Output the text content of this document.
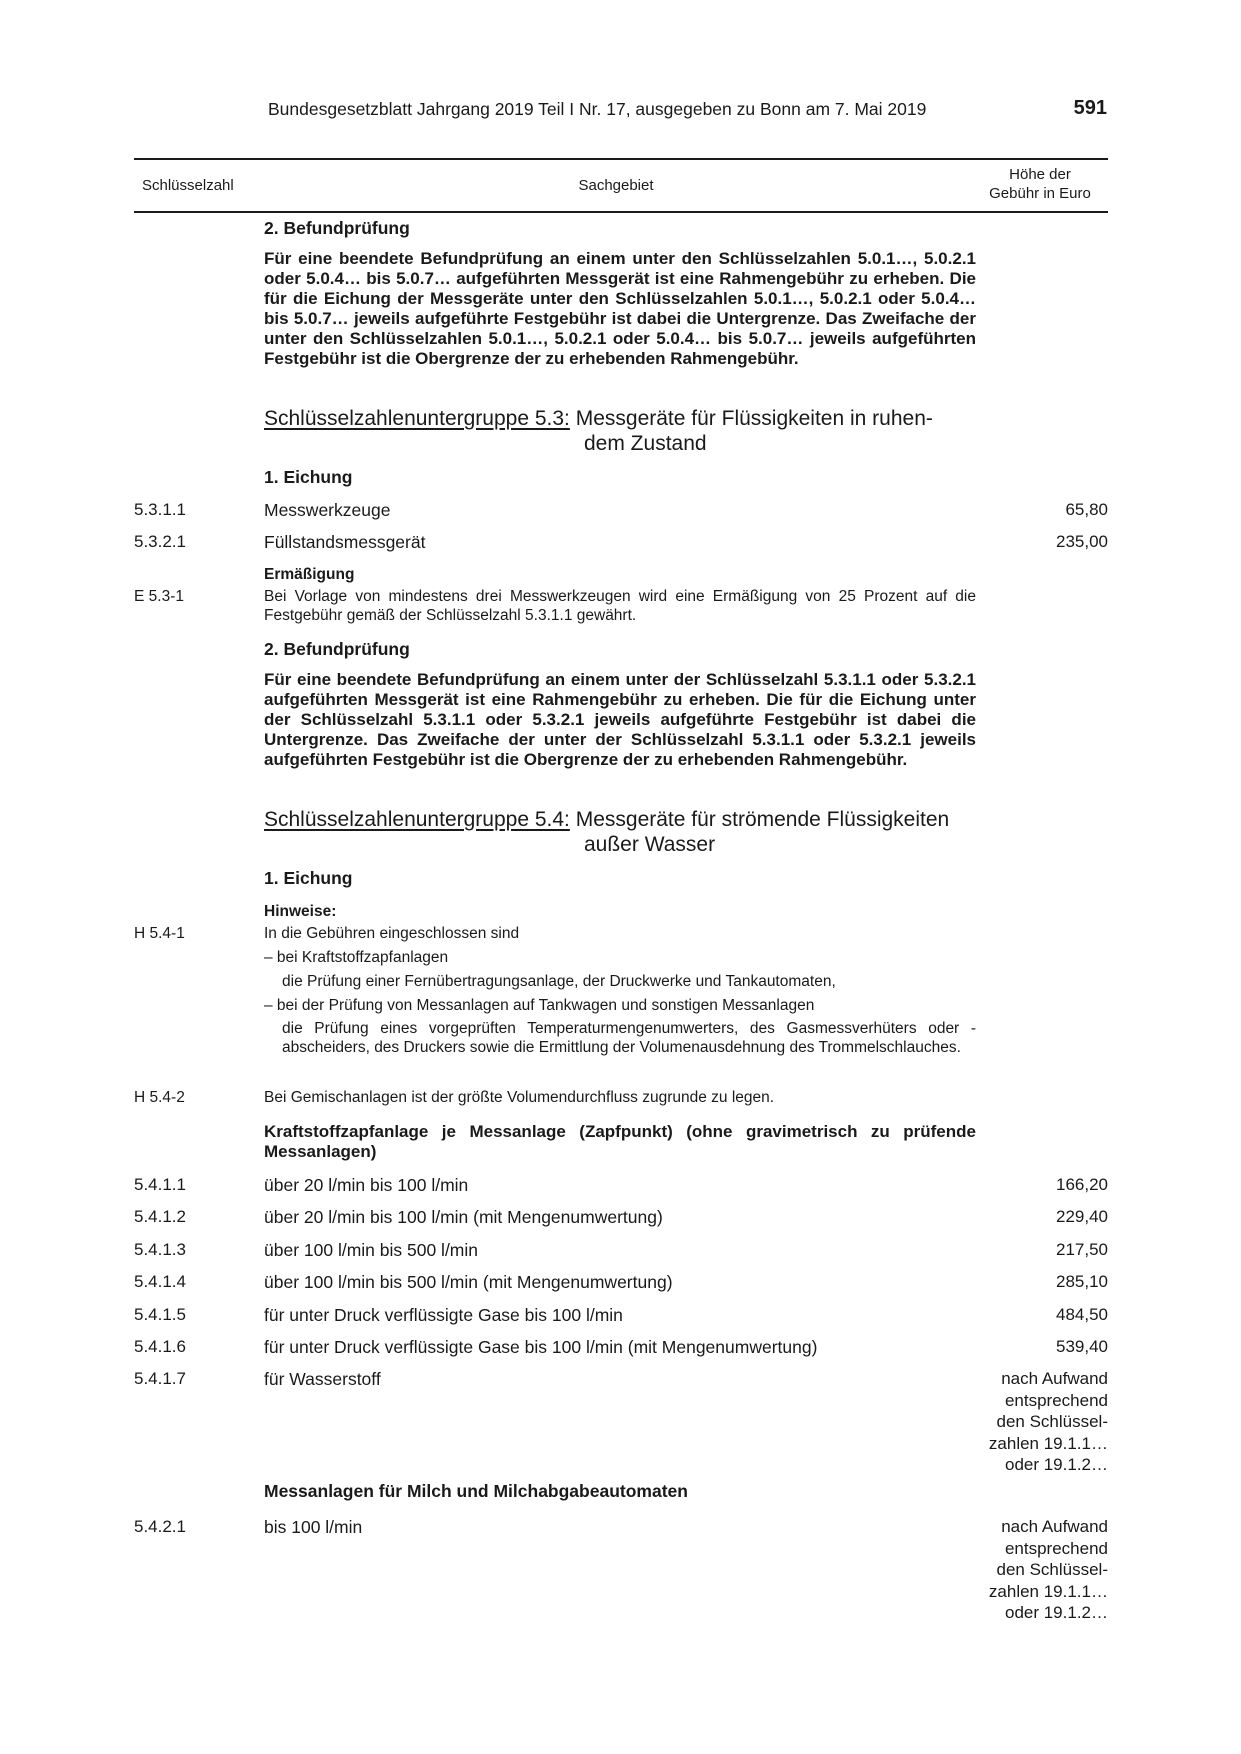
Bundesgesetzblatt Jahrgang 2019 Teil I Nr. 17, ausgegeben zu Bonn am 7. Mai 2019	591
Schlüsselzahl	Sachgebiet
Höhe der
Gebühr in Euro
2. Befundprüfung
Für eine beendete Befundprüfung an einem unter den Schlüsselzahlen 5.0.1…, 5.0.2.1 oder 5.0.4… bis 5.0.7… aufgeführten Messgerät ist eine Rahmengebühr zu erheben. Die für die Eichung der Messgeräte unter den Schlüsselzahlen 5.0.1…, 5.0.2.1 oder 5.0.4… bis 5.0.7… jeweils aufgeführte Festgebühr ist dabei die Untergrenze. Das Zweifache der unter den Schlüsselzahlen 5.0.1…, 5.0.2.1 oder 5.0.4… bis 5.0.7… jeweils aufgeführten Festgebühr ist die Obergrenze der zu erhebenden Rahmengebühr.
Schlüsselzahlenuntergruppe 5.3: Messgeräte für Flüssigkeiten in ruhen-
dem Zustand
1. Eichung
5.3.1.1	Messwerkzeuge	65,80
5.3.2.1	Füllstandsmessgerät	235,00
Ermäßigung
E 5.3-1	Bei Vorlage von mindestens drei Messwerkzeugen wird eine Ermäßigung von 25 Prozent auf die Festgebühr gemäß der Schlüsselzahl 5.3.1.1 gewährt.
2. Befundprüfung
Für eine beendete Befundprüfung an einem unter der Schlüsselzahl 5.3.1.1 oder 5.3.2.1 aufgeführten Messgerät ist eine Rahmengebühr zu erheben. Die für die Eichung unter der Schlüsselzahl 5.3.1.1 oder 5.3.2.1 jeweils aufgeführte Festgebühr ist dabei die Untergrenze. Das Zweifache der unter der Schlüsselzahl 5.3.1.1 oder 5.3.2.1 jeweils aufgeführten Festgebühr ist die Obergrenze der zu erhebenden Rahmengebühr.
Schlüsselzahlenuntergruppe 5.4: Messgeräte für strömende Flüssigkeiten
außer Wasser
1. Eichung
Hinweise:
H 5.4-1	In die Gebühren eingeschlossen sind
– bei Kraftstoffzapfanlagen
die Prüfung einer Fernübertragungsanlage, der Druckwerke und Tankautomaten,
– bei der Prüfung von Messanlagen auf Tankwagen und sonstigen Messanlagen
die Prüfung eines vorgeprüften Temperaturmengenumwerters, des Gasmessverhüters oder -abscheiders, des Druckers sowie die Ermittlung der Volumenausdehnung des Trommelschlauches.
H 5.4-2	Bei Gemischanlagen ist der größte Volumendurchfluss zugrunde zu legen.
Kraftstoffzapfanlage je Messanlage (Zapfpunkt) (ohne gravimetrisch zu prüfende Messanlagen)
5.4.1.1	über 20 l/min bis 100 l/min	166,20
5.4.1.2	über 20 l/min bis 100 l/min (mit Mengenumwertung)	229,40
5.4.1.3	über 100 l/min bis 500 l/min	217,50
5.4.1.4	über 100 l/min bis 500 l/min (mit Mengenumwertung)	285,10
5.4.1.5	für unter Druck verflüssigte Gase bis 100 l/min	484,50
5.4.1.6	für unter Druck verflüssigte Gase bis 100 l/min (mit Mengenumwertung)	539,40
5.4.1.7	für Wasserstoff	nach Aufwand
entsprechend
den Schlüssel-
zahlen 19.1.1…
oder 19.1.2…
Messanlagen für Milch und Milchabgabeautomaten
5.4.2.1	bis 100 l/min	nach Aufwand
entsprechend
den Schlüssel-
zahlen 19.1.1…
oder 19.1.2…
